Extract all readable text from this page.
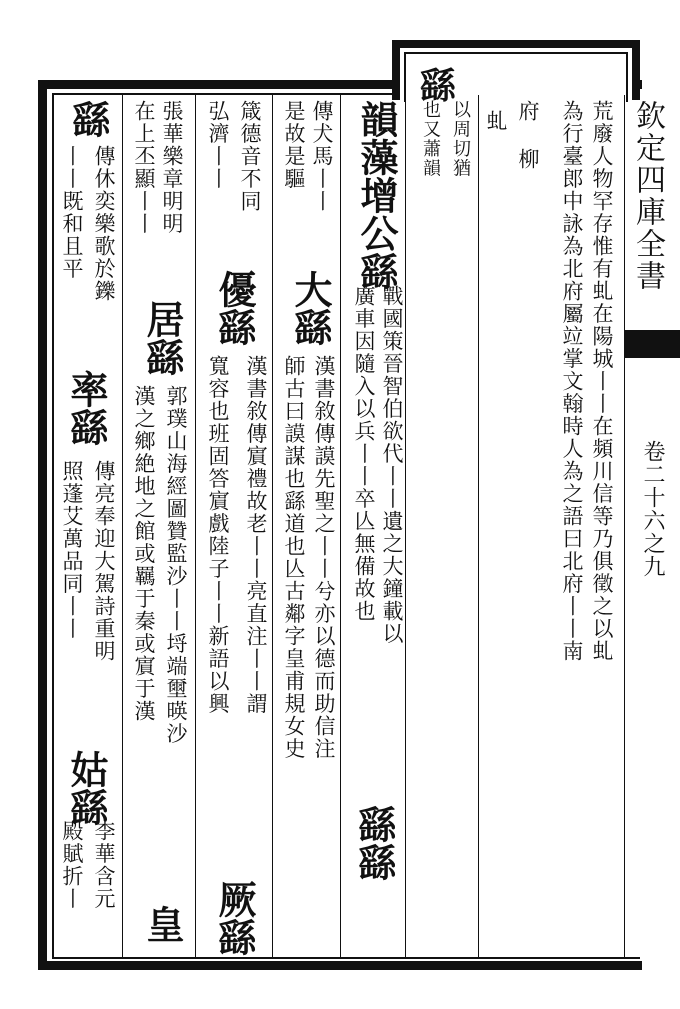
繇
欽定四庫全書
卷二十六之九
荒廢人物罕存惟有虬在陽城丨丨在頻川信等乃俱徵之以虬
為行臺郎中詠為北府屬竝掌文翰時人為之語曰北府丨丨南
府 柳
虬
以周切猶
也又蕭韻
韻藻增公繇
戰國策晉智伯欲代丨丨遺之大鐘載以
廣車因隨入以兵丨丨卒亾無備故也
繇繇
傳犬馬丨丨
是故是驅
大繇
漢書敘傳謨先聖之丨丨兮亦以德而助信注
師古曰謨謀也繇道也亾古鄰字皇甫規女史
箴德音不同
弘濟丨丨
優繇
漢書敘傳賔禮故老丨丨亮直注丨丨謂
寬容也班固答賔戲陸子丨丨新語以興
厥繇
張華樂章明明
在上丕顯丨丨
居繇
郭璞山海經圖贊監沙丨丨埒端壐暎沙
漢之鄉絶地之館或羈于秦或賔于漢
皇
繇
傳休奕樂歌於鑠
丨丨既和且平
率繇
傳亮奉迎大駕詩重明
照蓬艾萬品同丨丨
姑繇
李華含元
殿賦折丨
